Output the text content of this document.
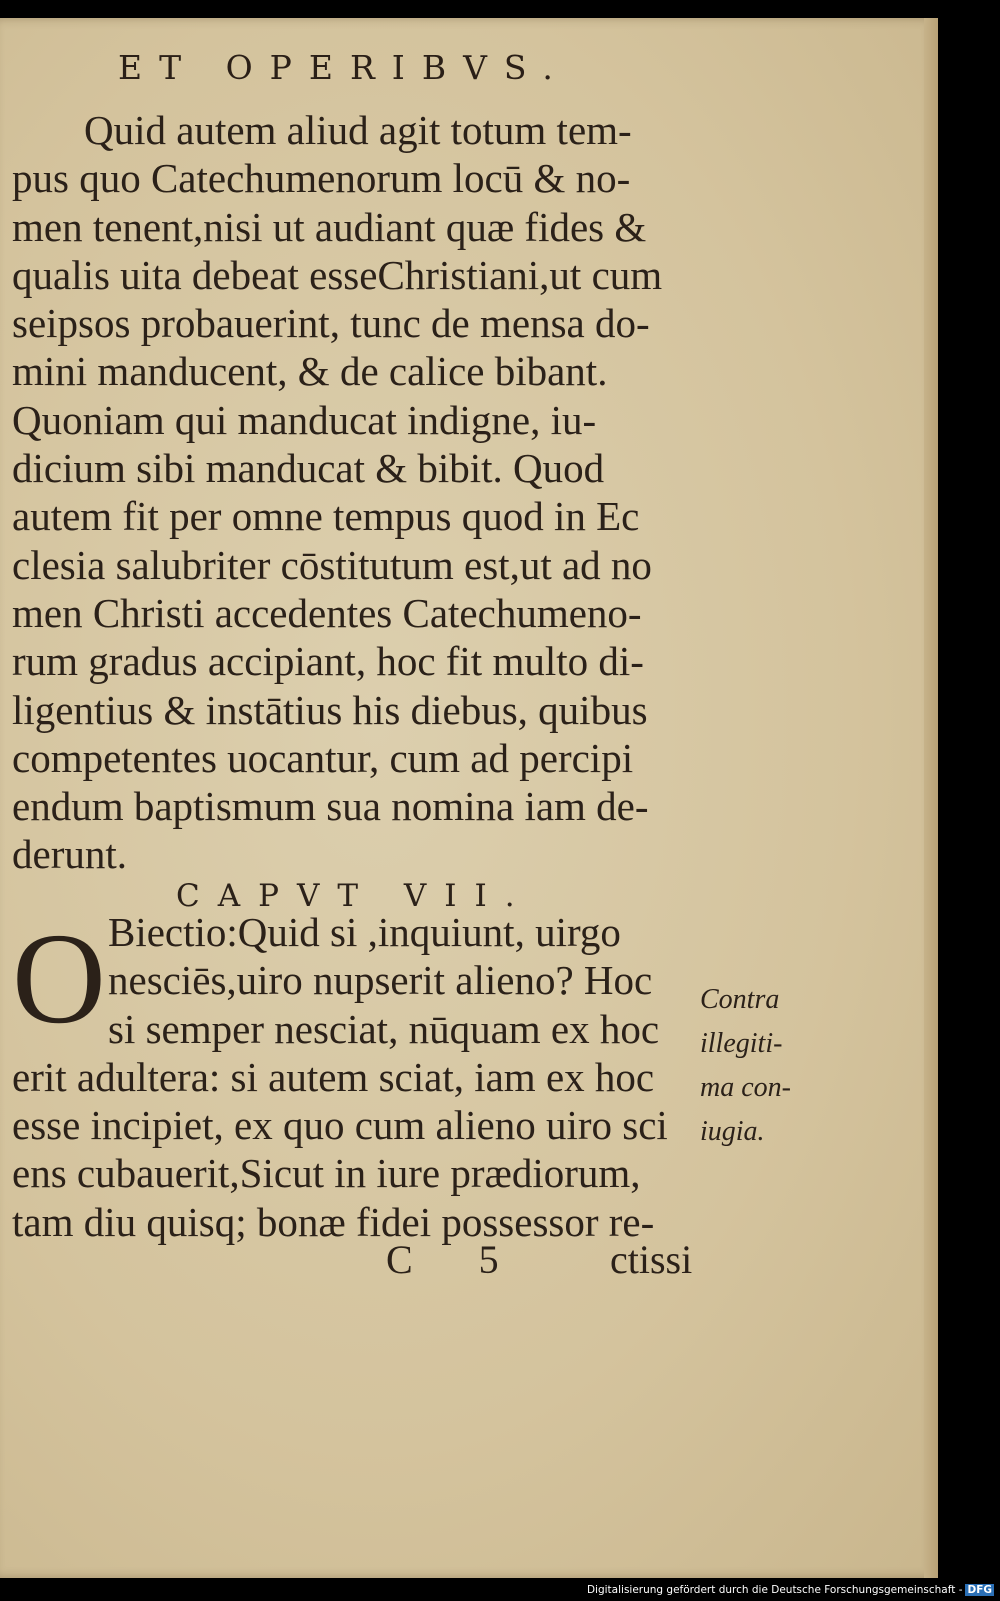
ET OPERIBVS.
Quid autem aliud agit totum tem-
pus quo Catechumenorum locū & no-
men tenent,nisi ut audiant quæ fides &
qualis uita debeat esseChristiani,ut cum
seipsos probauerint, tunc de mensa do-
mini manducent, & de calice bibant.
Quoniam qui manducat indigne, iu-
dicium sibi manducat & bibit. Quod
autem fit per omne tempus quod in Ec
clesia salubriter cōstitutum est,ut ad no
men Christi accedentes Catechumeno-
rum gradus accipiant, hoc fit multo di-
ligentius & instātius his diebus, quibus
competentes uocantur, cum ad percipi
endum baptismum sua nomina iam de-
derunt.
CAPVT VII.
O Biectio:Quid si ,inquiunt, uirgo
nesciēs,uiro nupserit alieno? Hoc
si semper nesciat, nūquam ex hoc
erit adultera: si autem sciat, iam ex hoc
esse incipiet, ex quo cum alieno uiro sci
ens cubauerit,Sicut in iure prædiorum,
tam diu quisq; bonæ fidei possessor re-
Contra
illegiti-
ma con-
iugia.
C 5 ctissi
Digitalisierung gefördert durch die Deutsche Forschungsgemeinschaft - DFG
